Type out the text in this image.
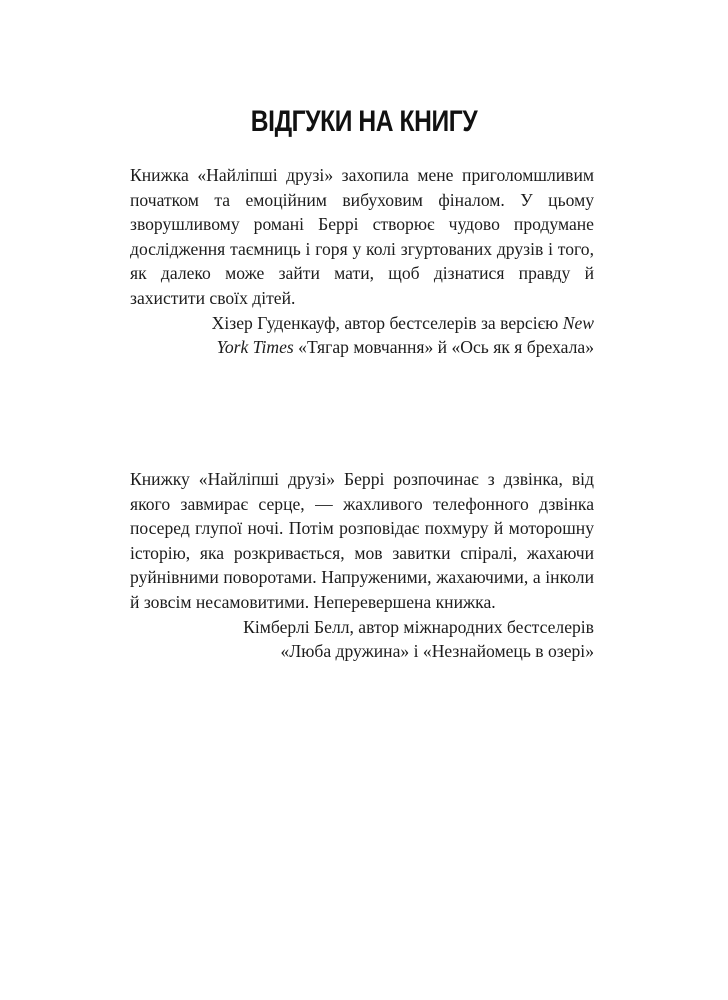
ВІДГУКИ НА КНИГУ

Книжка «Найліпші друзі» захопила мене приголомшливим початком та емоційним вибуховим фіналом. У цьому зворушливому романі Беррі створює чудово продумане дослідження таємниць і горя у колі згуртованих друзів і того, як далеко може зайти мати, щоб дізнатися правду й захистити своїх дітей.

Хізер Гуденкауф, автор бестселерів за версією New
York Times «Тягар мовчання» й «Ось як я брехала»

Книжку «Найліпші друзі» Беррі розпочинає з дзвінка, від якого завмирає серце, — жахливого телефонного дзвінка посеред глупої ночі. Потім розповідає похмуру й моторошну історію, яка розкривається, мов завитки спіралі, жахаючи руйнівними поворотами. Напруженими, жахаючими, а інколи й зовсім несамовитими. Неперевершена книжка.

Кімберлі Белл, автор міжнародних бестселерів
«Люба дружина» і «Незнайомець в озері»
